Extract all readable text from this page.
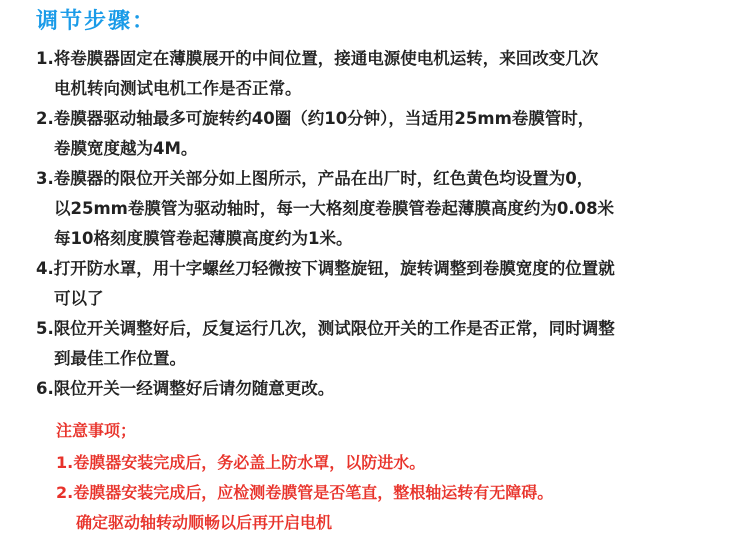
调节步骤：
1.将卷膜器固定在薄膜展开的中间位置，接通电源使电机运转，来回改变几次
电机转向测试电机工作是否正常。
2.卷膜器驱动轴最多可旋转约40圈（约10分钟），当适用25mm卷膜管时，
卷膜宽度越为4M。
3.卷膜器的限位开关部分如上图所示，产品在出厂时，红色黄色均设置为0，
以25mm卷膜管为驱动轴时，每一大格刻度卷膜管卷起薄膜高度约为0.08米
每10格刻度膜管卷起薄膜高度约为1米。
4.打开防水罩，用十字螺丝刀轻微按下调整旋钮，旋转调整到卷膜宽度的位置就
可以了
5.限位开关调整好后，反复运行几次，测试限位开关的工作是否正常，同时调整
到最佳工作位置。
6.限位开关一经调整好后请勿随意更改。
注意事项；
1.卷膜器安装完成后，务必盖上防水罩，以防进水。
2.卷膜器安装完成后，应检测卷膜管是否笔直，整根轴运转有无障碍。
确定驱动轴转动顺畅以后再开启电机
